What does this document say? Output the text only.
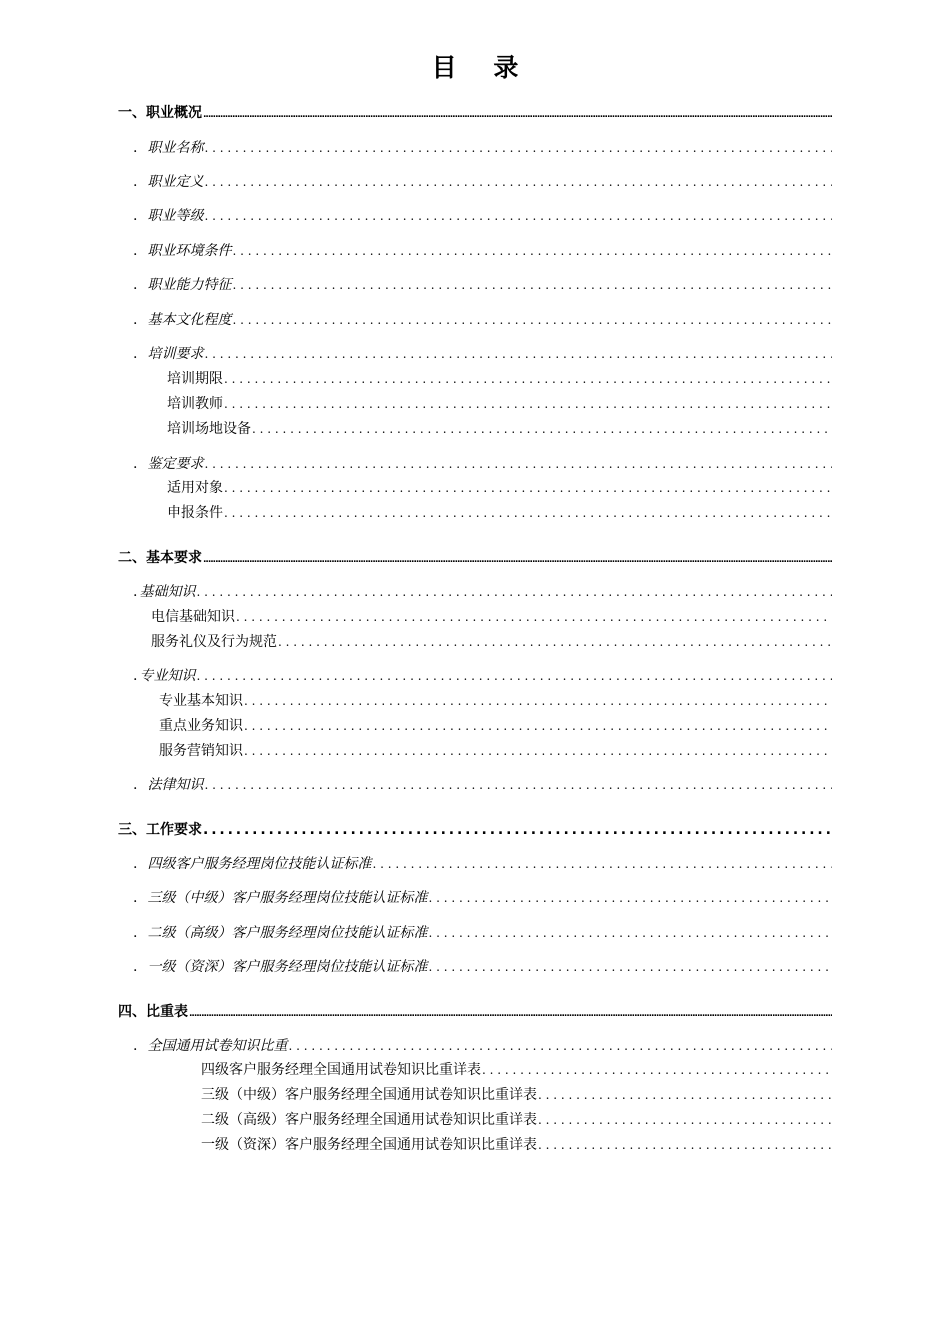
目 录
一、职业概况
.....
. 职业名称
. . .
. 职业定义
. . .
. 职业等级
. . .
. 职业环境条件
. . .
. 职业能力特征
. . .
. 基本文化程度
. . .
. 培训要求
. . .
培训期限
. . .
培训教师
. . .
培训场地设备
. . .
. 鉴定要求
. . .
适用对象
. . .
申报条件
. . .
二、基本要求
.....
. 基础知识
. . .
电信基础知识
. . .
服务礼仪及行为规范
. . .
. 专业知识
. . .
专业基本知识
. . .
重点业务知识
. . .
服务营销知识
. . .
. 法律知识
. . .
三、工作要求
. . .
. 四级客户服务经理岗位技能认证标准
. . .
. 三级（中级）客户服务经理岗位技能认证标准
. . .
. 二级（高级）客户服务经理岗位技能认证标准
. . .
. 一级（资深）客户服务经理岗位技能认证标准
. . .
四、比重表
.....
. 全国通用试卷知识比重
. . .
四级客户服务经理全国通用试卷知识比重详表
. . .
三级（中级）客户服务经理全国通用试卷知识比重详表
. . .
二级（高级）客户服务经理全国通用试卷知识比重详表
. . .
一级（资深）客户服务经理全国通用试卷知识比重详表
. . .
